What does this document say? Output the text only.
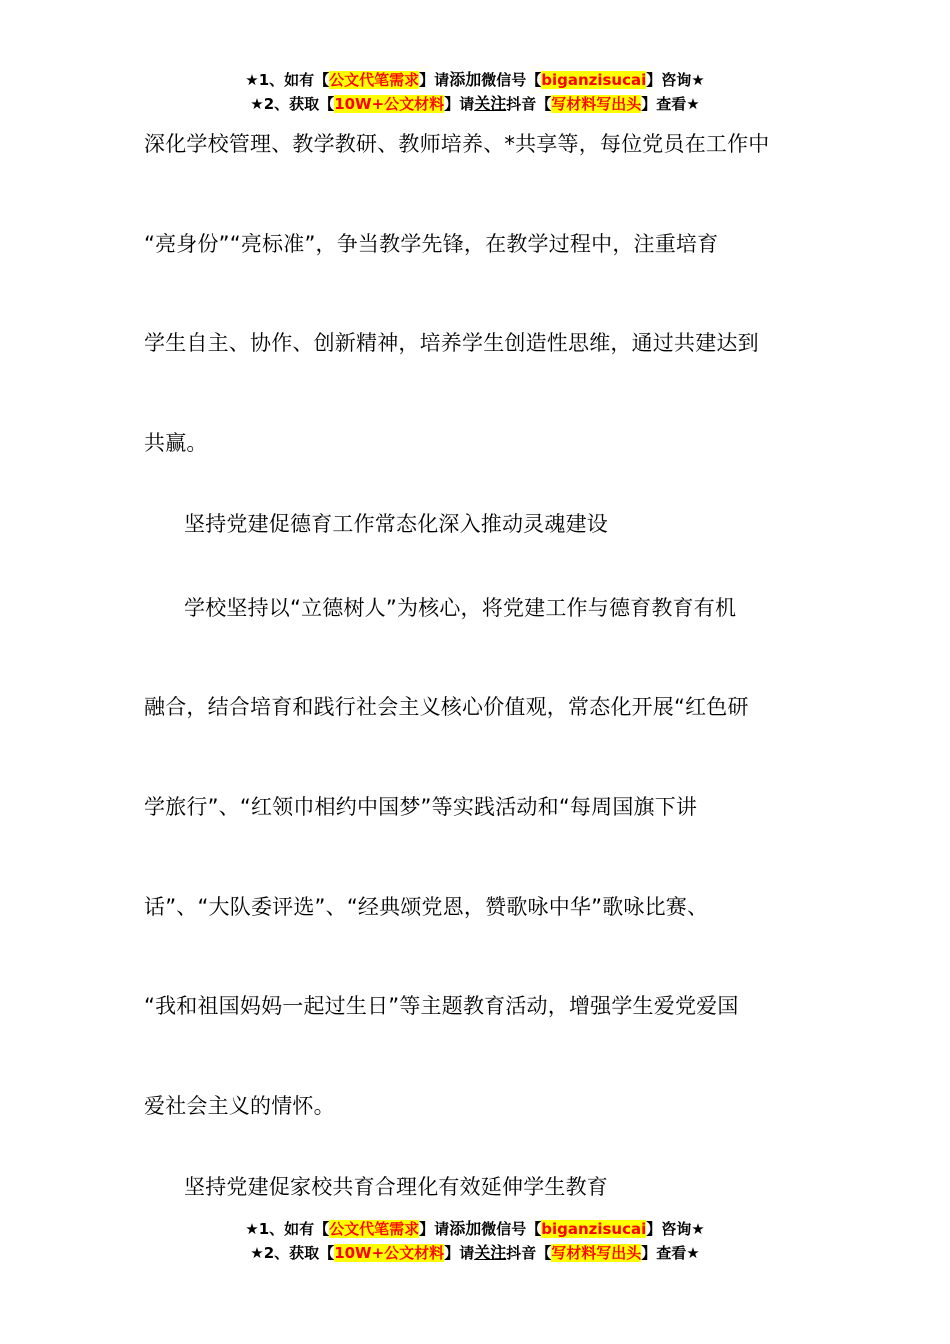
★1、如有【公文代笔需求】请添加微信号【biganzisucai】咨询★
★2、获取【10W+公文材料】请关注抖音【写材料写出头】查看★
深化学校管理、教学教研、教师培养、*共享等，每位党员在工作中
“亮身份”“亮标准”，争当教学先锋，在教学过程中，注重培育
学生自主、协作、创新精神，培养学生创造性思维，通过共建达到
共赢。
坚持党建促德育工作常态化深入推动灵魂建设
学校坚持以“立德树人”为核心，将党建工作与德育教育有机
融合，结合培育和践行社会主义核心价值观，常态化开展“红色研
学旅行”、“红领巾相约中国梦”等实践活动和“每周国旗下讲
话”、“大队委评选”、“经典颂党恩，赞歌咏中华”歌咏比赛、
“我和祖国妈妈一起过生日”等主题教育活动，增强学生爱党爱国
爱社会主义的情怀。
坚持党建促家校共育合理化有效延伸学生教育
★1、如有【公文代笔需求】请添加微信号【biganzisucai】咨询★
★2、获取【10W+公文材料】请关注抖音【写材料写出头】查看★
